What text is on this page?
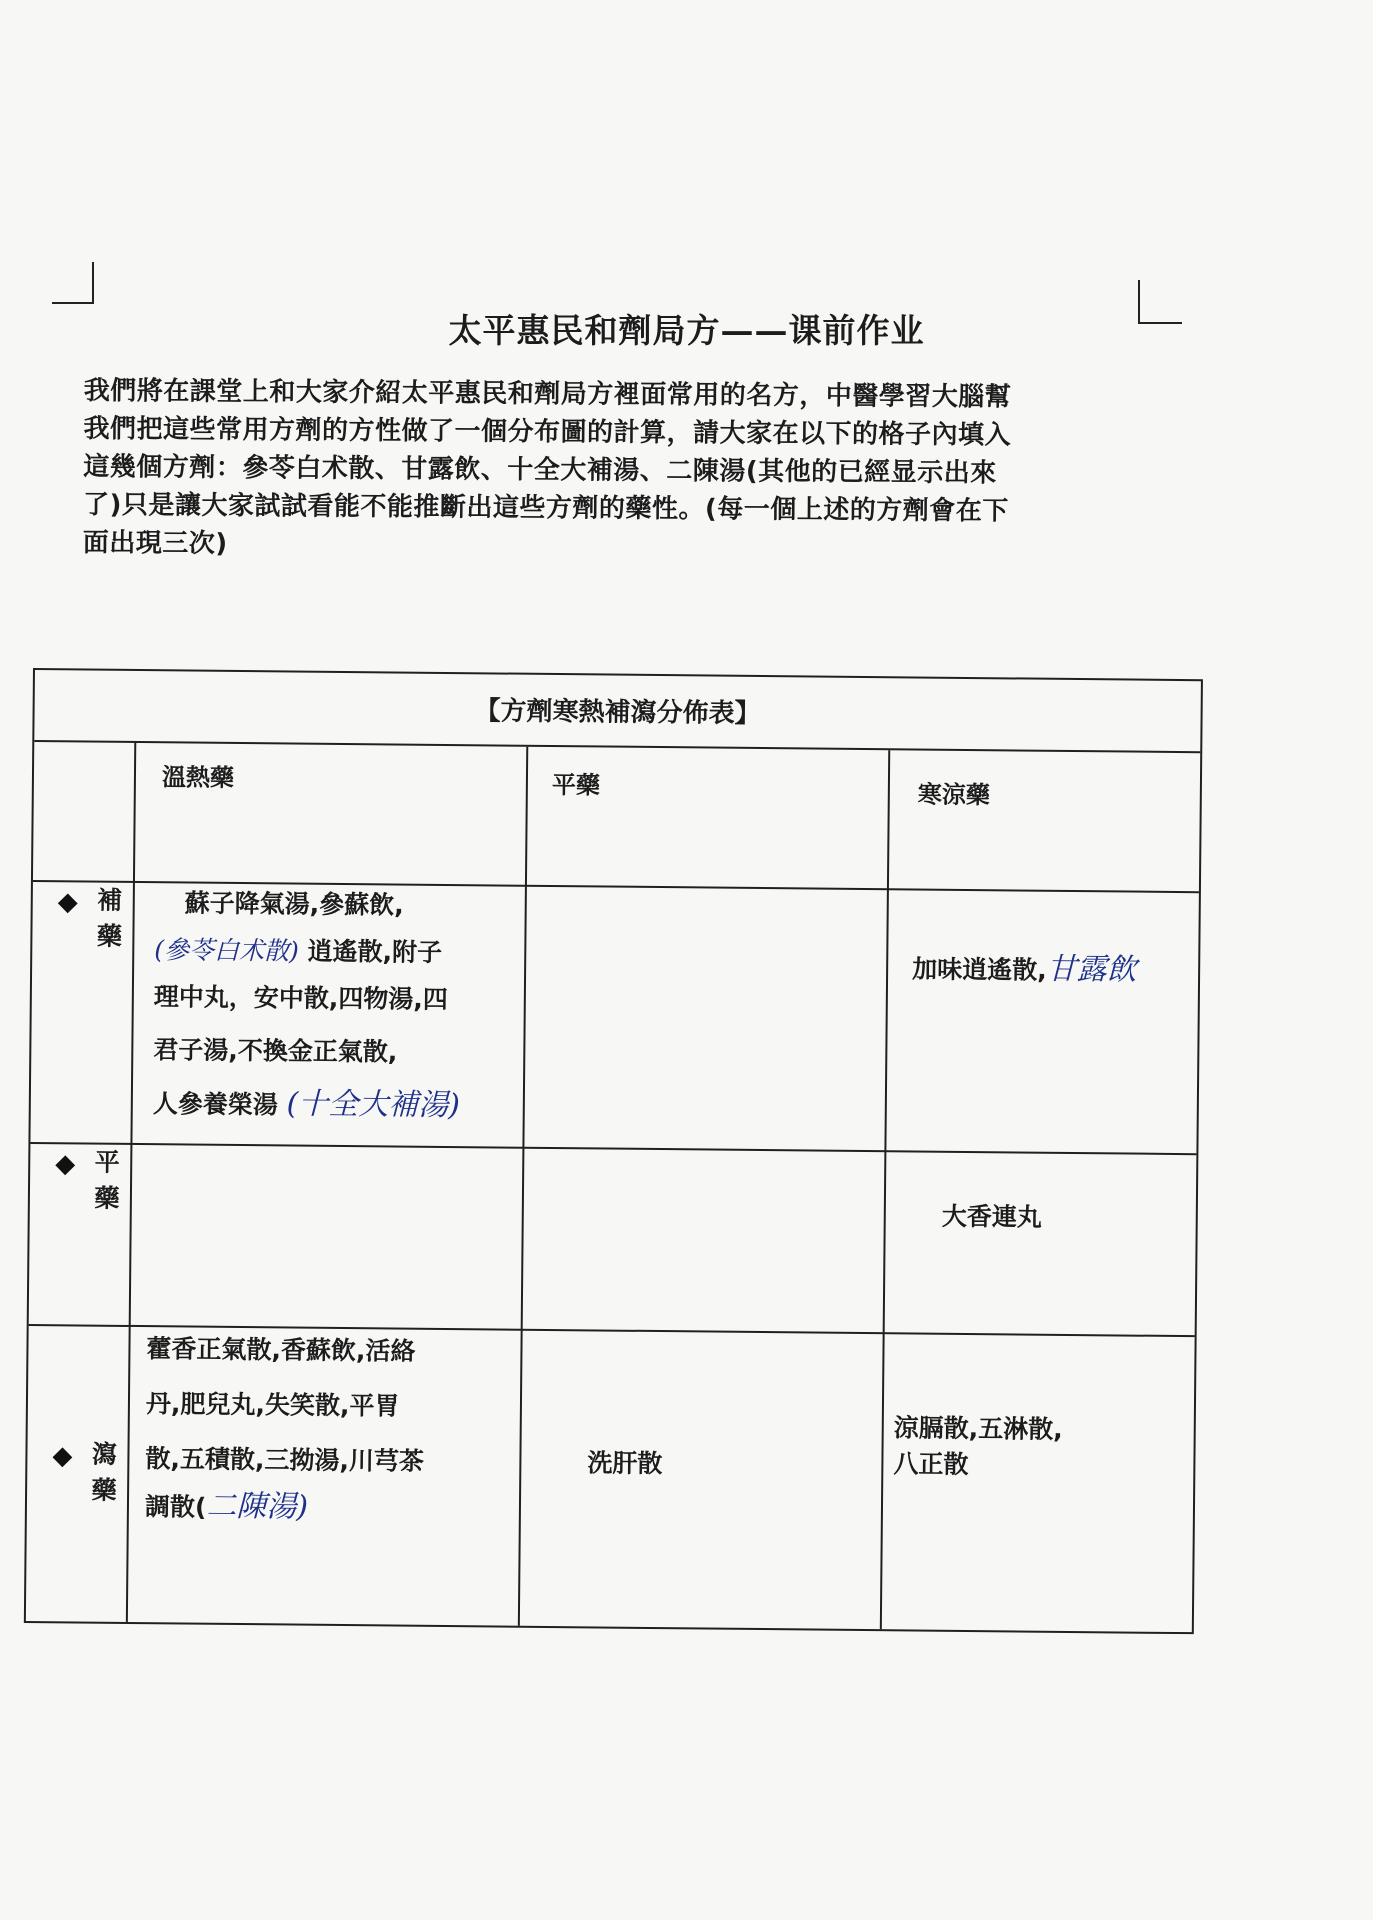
太平惠民和劑局方——课前作业
我們將在課堂上和大家介紹太平惠民和劑局方裡面常用的名方，中醫學習大腦幫
我們把這些常用方劑的方性做了一個分布圖的計算，請大家在以下的格子內填入
這幾個方劑：參苓白术散、甘露飲、十全大補湯、二陳湯(其他的已經显示出來
了)只是讓大家試試看能不能推斷出這些方劑的藥性。(每一個上述的方劑會在下
面出現三次)
【方劑寒熱補瀉分佈表】
溫熱藥	平藥	寒涼藥
補藥
蘇子降氣湯,參蘇飲,
(參苓白术散) 逍遙散,附子
理中丸，安中散,四物湯,四
君子湯,不換金正氣散,
人參養榮湯 (十全大補湯)
加味逍遙散,甘露飲
平藥
大香連丸
瀉藥
藿香正氣散,香蘇飲,活絡
丹,肥兒丸,失笑散,平胃
散,五積散,三拗湯,川芎茶
調散(二陳湯)
洗肝散
涼膈散,五淋散,
八正散
